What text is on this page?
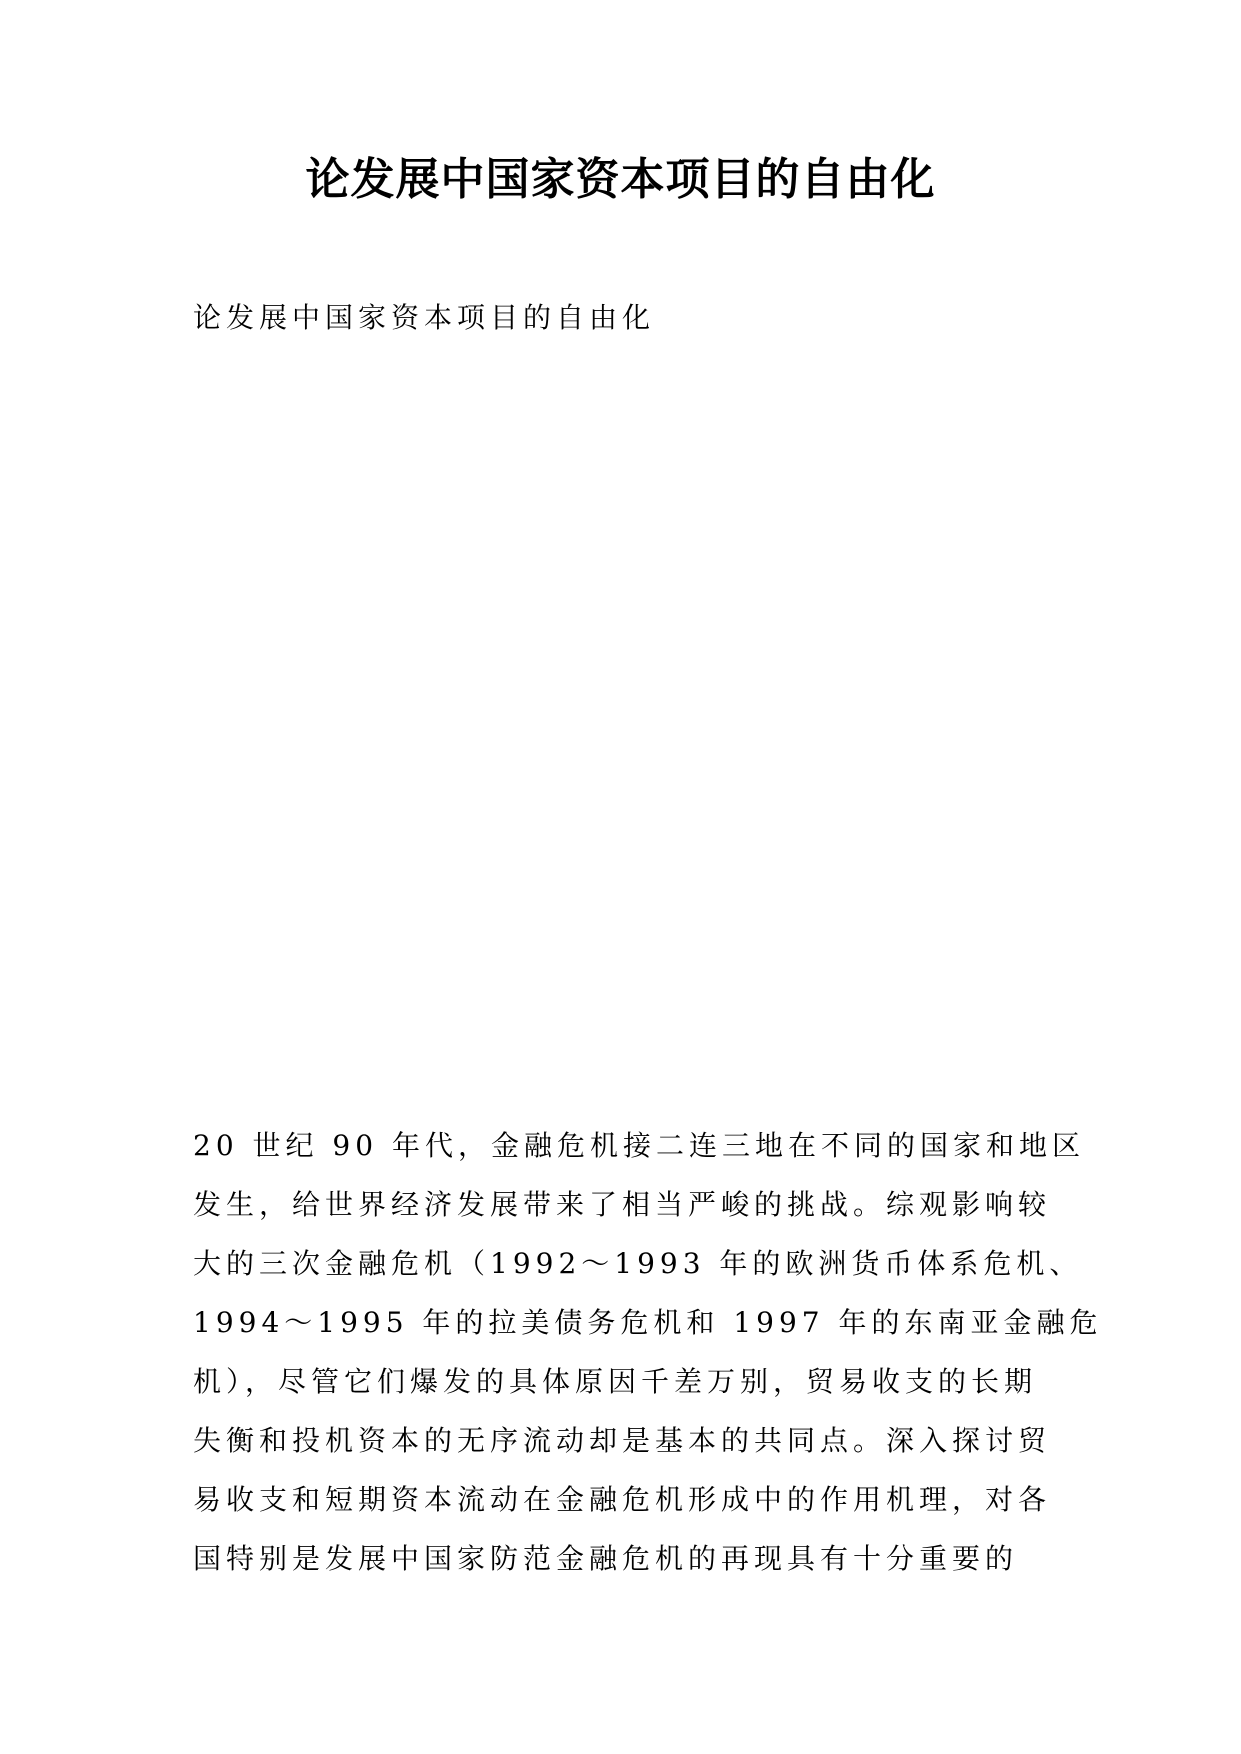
论发展中国家资本项目的自由化

论发展中国家资本项目的自由化

20 世纪 90 年代，金融危机接二连三地在不同的国家和地区
发生，给世界经济发展带来了相当严峻的挑战。综观影响较
大的三次金融危机（1992～1993 年的欧洲货币体系危机、
1994～1995 年的拉美债务危机和 1997 年的东南亚金融危
机），尽管它们爆发的具体原因千差万别，贸易收支的长期
失衡和投机资本的无序流动却是基本的共同点。深入探讨贸
易收支和短期资本流动在金融危机形成中的作用机理，对各
国特别是发展中国家防范金融危机的再现具有十分重要的
